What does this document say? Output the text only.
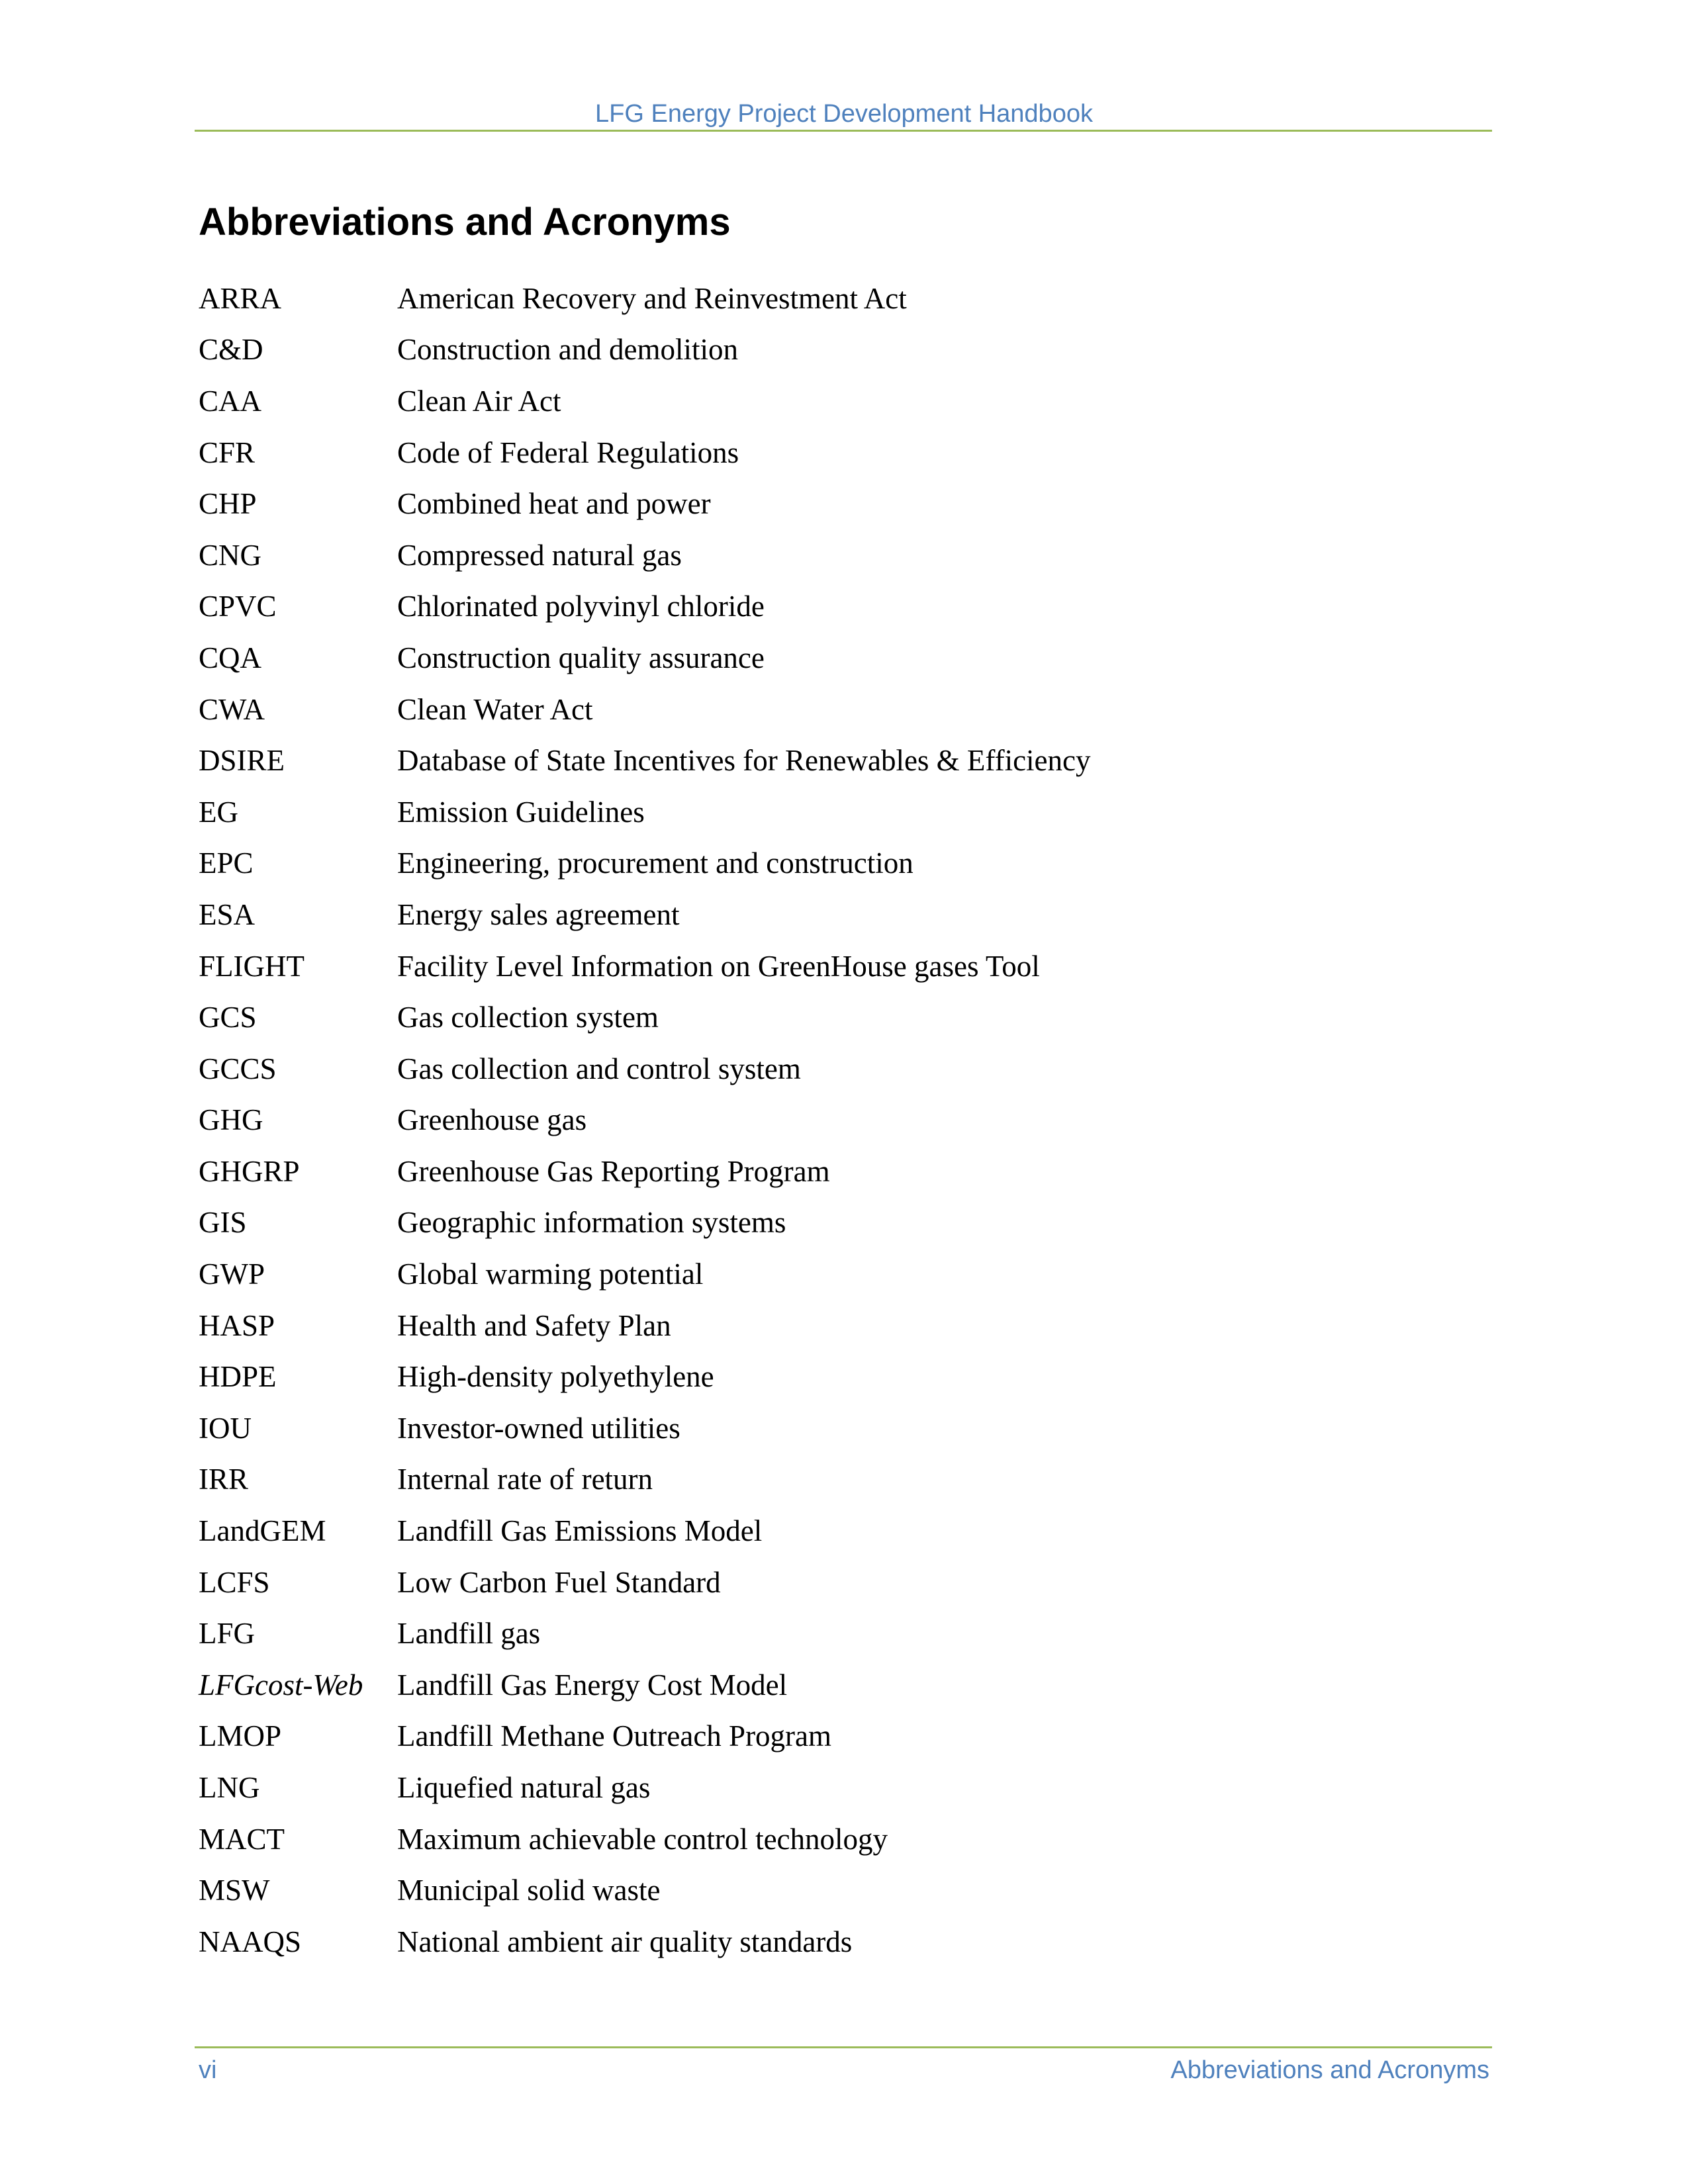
LFG Energy Project Development Handbook
Abbreviations and Acronyms
ARRA	American Recovery and Reinvestment Act
C&D	Construction and demolition
CAA	Clean Air Act
CFR	Code of Federal Regulations
CHP	Combined heat and power
CNG	Compressed natural gas
CPVC	Chlorinated polyvinyl chloride
CQA	Construction quality assurance
CWA	Clean Water Act
DSIRE	Database of State Incentives for Renewables & Efficiency
EG	Emission Guidelines
EPC	Engineering, procurement and construction
ESA	Energy sales agreement
FLIGHT	Facility Level Information on GreenHouse gases Tool
GCS	Gas collection system
GCCS	Gas collection and control system
GHG	Greenhouse gas
GHGRP	Greenhouse Gas Reporting Program
GIS	Geographic information systems
GWP	Global warming potential
HASP	Health and Safety Plan
HDPE	High-density polyethylene
IOU	Investor-owned utilities
IRR	Internal rate of return
LandGEM	Landfill Gas Emissions Model
LCFS	Low Carbon Fuel Standard
LFG	Landfill gas
LFGcost-Web	Landfill Gas Energy Cost Model
LMOP	Landfill Methane Outreach Program
LNG	Liquefied natural gas
MACT	Maximum achievable control technology
MSW	Municipal solid waste
NAAQS	National ambient air quality standards
vi	Abbreviations and Acronyms
